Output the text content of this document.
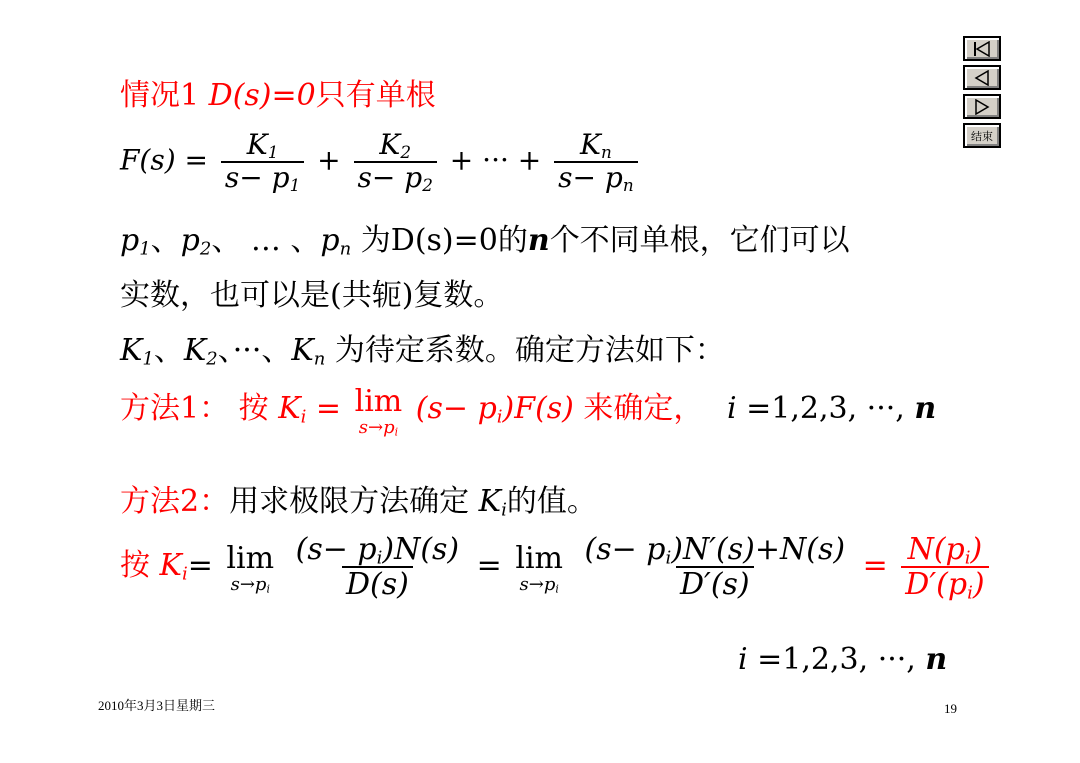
情况1 D(s)=0只有单根
$F(s) = \frac{K_1}{s- p_1} + \frac{K_2}{s- p_2}$ + ··· + $\frac{K_n}{s- p_n}$
$p_1$、$p_2$、 … 、$p_n$ 为D(s)=0的n个不同单根，它们可以
实数，也可以是(共轭)复数。
$K_1$、$K_2$、···、$K_n$ 为待定系数。确定方法如下：
方法1： 按 $K_i = \lim$
$s\to p_i$
$(s- p_i)F(s)$ 来确定， i =1,2,3, ···, n
方法2：用求极限方法确定 $K_i$的值。
按 $K_i= \lim$
$s\to p_i$
$\frac{(s- p_i)N(s)}{D(s)} = \lim$
$s\to p_i$
$\frac{(s- p_i)N'(s)+N(s)}{D'(s)} = \frac{N(p_i)}{D'(p_i)}$
i =1,2,3, ···, n
2010年3月3日星期三	19
结束
